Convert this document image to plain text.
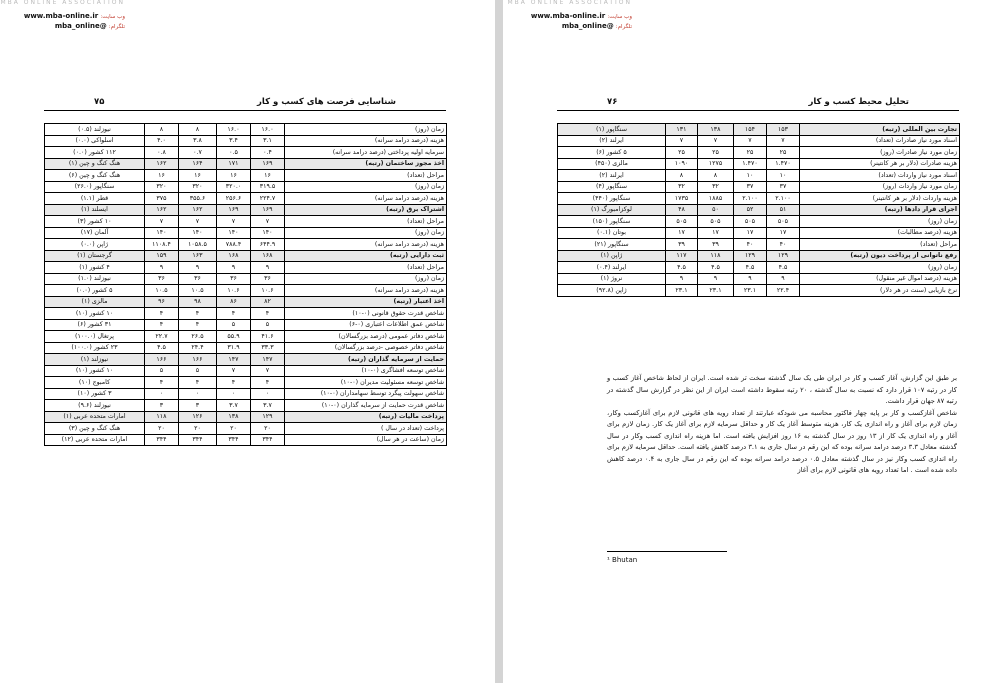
MBA ONLINE ASSOCIATION
وب سایت: www.mba-online.ir
تلگرام: @mba_online
شناسایی فرصت های کسب و کار
۷۵
زمان (روز)	۱۶.۰	۱۶.۰	۸	۸	نیوزلند (۰.۵)
هزینه (درصد درامد سرانه)	۳.۱	۳.۴	۳.۸	۴.۰	اسلواکی (۰.۰)
سرمایه اولیه پرداختی (درصد درامد سرانه)	۰.۴	۰.۵	۰.۷	۰.۸	۱۱۲ کشور (۰.۰)
اخذ مجوز ساختمان (رتبه)	۱۶۹	۱۷۱	۱۶۴	۱۶۲	هنگ کنگ و چین (۱)
مراحل (تعداد)	۱۶	۱۶	۱۶	۱۶	هنگ کنگ و چین (۶)
زمان (روز)	۳۱۹.۵	۳۲۰.۰	۳۲۰	۳۲۰	سنگاپور (۲۶.۰)
هزینه (درصد درامد سرانه)	۲۲۴.۷	۲۵۶.۶	۳۵۵.۶	۳۷۵	قطر (۱.۱)
اشتراک برق (رتبه)	۱۶۹	۱۶۹	۱۶۲	۱۶۲	ایسلند (۱)
مراحل (تعداد)	۷	۷	۷	۷	۱۰ کشور (۳)
زمان (روز)	۱۴۰	۱۴۰	۱۴۰	۱۴۰	آلمان (۱۷)
هزینه (درصد درامد سرانه)	۶۴۴.۹	۷۸۸.۴	۱۰۵۸.۵	۱۱۰۸.۴	ژاپن (۰.۰)
ثبت دارایی (رتبه)	۱۶۸	۱۶۸	۱۶۳	۱۵۹	گرجستان (۱)
مراحل (تعداد)	۹	۹	۹	۹	۴ کشور (۱)
زمان (روز)	۳۶	۳۶	۳۶	۳۶	نیوزلند (۱.۰)
هزینه (درصد درامد سرانه)	۱۰.۶	۱۰.۶	۱۰.۵	۱۰.۵	۵ کشور (۰.۰)
اخذ اعتبار (رتبه)	۸۲	۸۶	۹۸	۹۶	مالزی (۱)
شاخص قدرت حقوق قانونی (۰-۱۰)	۴	۴	۴	۴	۱۰ کشور (۱۰)
شاخص عمق اطلاعات اعتباری (۰-۶)	۵	۵	۴	۴	۳۱ کشور (۶)
شاخص دفاتر عمومی (درصد بزرگسالان)	۴۱.۶	۵۵.۹	۲۶.۵	۲۲.۷	پرتغال (۱۰۰.۰)
شاخص دفاتر خصوصی -درصد بزرگسالان)	۳۳.۳	۳۱.۹	۲۴.۴	۴.۵	۲۳ کشور (۱۰۰.۰)
حمایت از سرمایه گذاران (رتبه)	۱۴۷	۱۴۷	۱۶۶	۱۶۶	نیوزلند (۱)
شاخص توسعه افشاگری (۰-۱۰)	۷	۷	۵	۵	۱۰ کشور (۱۰)
شاخص توسعه مسئولیت مدیران (۰-۱۰)	۴	۴	۴	۴	کامبوج (۱۰)
شاخص سهولت پیگرد توسط سهامداران (۰-۱۰)	۰	۰	۰	۰	۳ کشور (۱۰)
شاخص قدرت حمایت از سرمایه گذاران (۰-۱۰)	۳.۷	۳.۷	۳	۳	نیوزلند (۹.۶)
پرداخت مالیات (رتبه)	۱۲۹	۱۳۸	۱۲۶	۱۱۸	امارات متحده عربی (۱)
پرداخت (تعداد در سال )	۲۰	۲۰	۲۰	۲۰	هنگ کنگ و چین (۳)
زمان (ساعت در هر سال)	۳۴۴	۳۴۴	۳۴۴	۳۴۴	امارات متحده عربی (۱۲)
MBA ONLINE ASSOCIATION
وب سایت: www.mba-online.ir
تلگرام: @mba_online
تحلیل محیط کسب و کار
۷۶
تجارت بین المللی (رتبه)	۱۵۳	۱۵۴	۱۳۸	۱۳۱	سنگاپور (۱)
اسناد مورد نیاز صادرات (تعداد)	۷	۷	۷	۷	ایرلند (۲)
زمان مورد نیاز صادرات (روز)	۲۵	۲۵	۲۵	۲۵	۵ کشور (۶)
هزینه صادرات (دلار بر هر کانتینر)	۱.۴۷۰	۱.۴۷۰	۱۲۷۵	۱۰۹۰	مالزی (۴۵۰)
اسناد مورد نیاز واردات (تعداد)	۱۰	۱۰	۸	۸	ایرلند (۲)
زمان مورد نیاز واردات (روز)	۳۷	۳۷	۳۲	۳۲	سنگاپور (۴)
هزینه واردات (دلار بر هر کانتینر)	۲.۱۰۰	۲.۱۰۰	۱۸۸۵	۱۷۳۵	سنگاپور (۴۴۰)
اجرای قرار دادها (رتبه)	۵۱	۵۲	۵۰	۴۸	لوکزامبورگ (۱)
زمان (روز)	۵۰۵	۵۰۵	۵۰۵	۵۰۵	سنگاپور (۱۵۰)
هزینه (درصد مطالبات)	۱۷	۱۷	۱۷	۱۷	بوتان (۰.۱)
مراحل (تعداد)	۴۰	۴۰	۳۹	۳۹	سنگاپور (۲۱)
رفع ناتوانی از پرداخت دیون (رتبه)	۱۲۹	۱۲۹	۱۱۸	۱۱۷	ژاپن (۱)
زمان (روز)	۴.۵	۴.۵	۴.۵	۴.۵	ایرلند (۰.۴)
هزینه (درصد اموال غیر منقول)	۹	۹	۹	۹	نروژ (۱)
نرخ بازیابی (سنت در هر دلار)	۲۲.۴	۲۳.۱	۲۳.۱	۲۳.۱	ژاپن (۹۲.۸)
بر طبق این گزارش، آغاز کسب و کار در ایران طی یک سال گذشته سخت تر شده است. ایران از لحاظ شاخص آغاز کسب و کار در رتبه ۱۰۷ قرار دارد که نسبت به سال گذشته ، ۲۰ رتبه سقوط داشته است ایران از این نظر در گزارش سال گذشته در رتبه ۸۷ جهان قرار داشت.
شاخص آغازکسب و کار بر پایه چهار فاکتور محاسبه می شودکه عبارتند از تعداد رویه های قانونی لازم برای آغازکسب وکار، زمان لازم برای آغاز و راه اندازی یک کار، هزینه متوسط آغاز یک کار و حداقل سرمایه لازم برای آغاز یک کار. زمان لازم برای آغاز و راه اندازی یک کار از ۱۳ روز در سال گذشته به ۱۶ روز افزایش یافته است. اما هزینه راه اندازی کسب وکار در سال گذشته معادل ۳.۳ درصد درامد سرانه بوده که این رقم در سال جاری به ۳.۱ درصد کاهش یافته است. حداقل سرمایه لازم برای راه اندازی کسب وکار نیز در سال گذشته معادل ۰.۵ درصد درامد سرانه بوده که این رقم در سال جاری به ۰.۴ درصد کاهش داده شده است . اما تعداد رویه های قانونی لازم برای آغاز
¹ Bhutan
